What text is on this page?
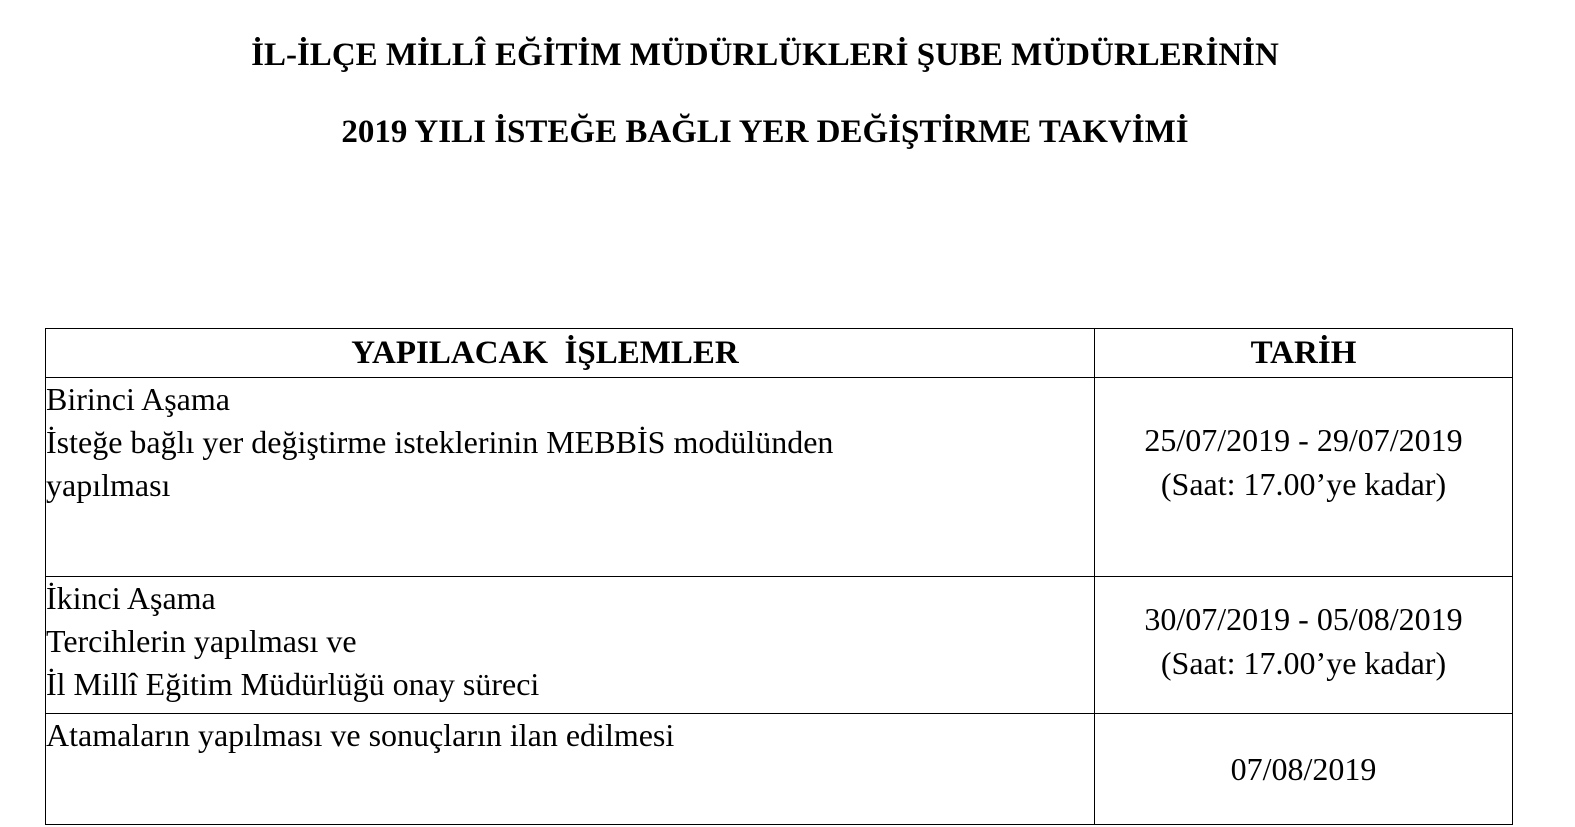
İL-İLÇE MİLLÎ EĞİTİM MÜDÜRLÜKLERİ ŞUBE MÜDÜRLERİNİN
2019 YILI İSTEĞE BAĞLI YER DEĞİŞTİRME TAKVİMİ
YAPILACAK  İŞLEMLER	TARİH

Birinci Aşama
İsteğe bağlı yer değiştirme isteklerinin MEBBİS modülünden
yapılması	25/07/2019 - 29/07/2019
(Saat: 17.00’ye kadar)

İkinci Aşama
Tercihlerin yapılması ve
İl Millî Eğitim Müdürlüğü onay süreci	30/07/2019 - 05/08/2019
(Saat: 17.00’ye kadar)

Atamaların yapılması ve sonuçların ilan edilmesi	07/08/2019
